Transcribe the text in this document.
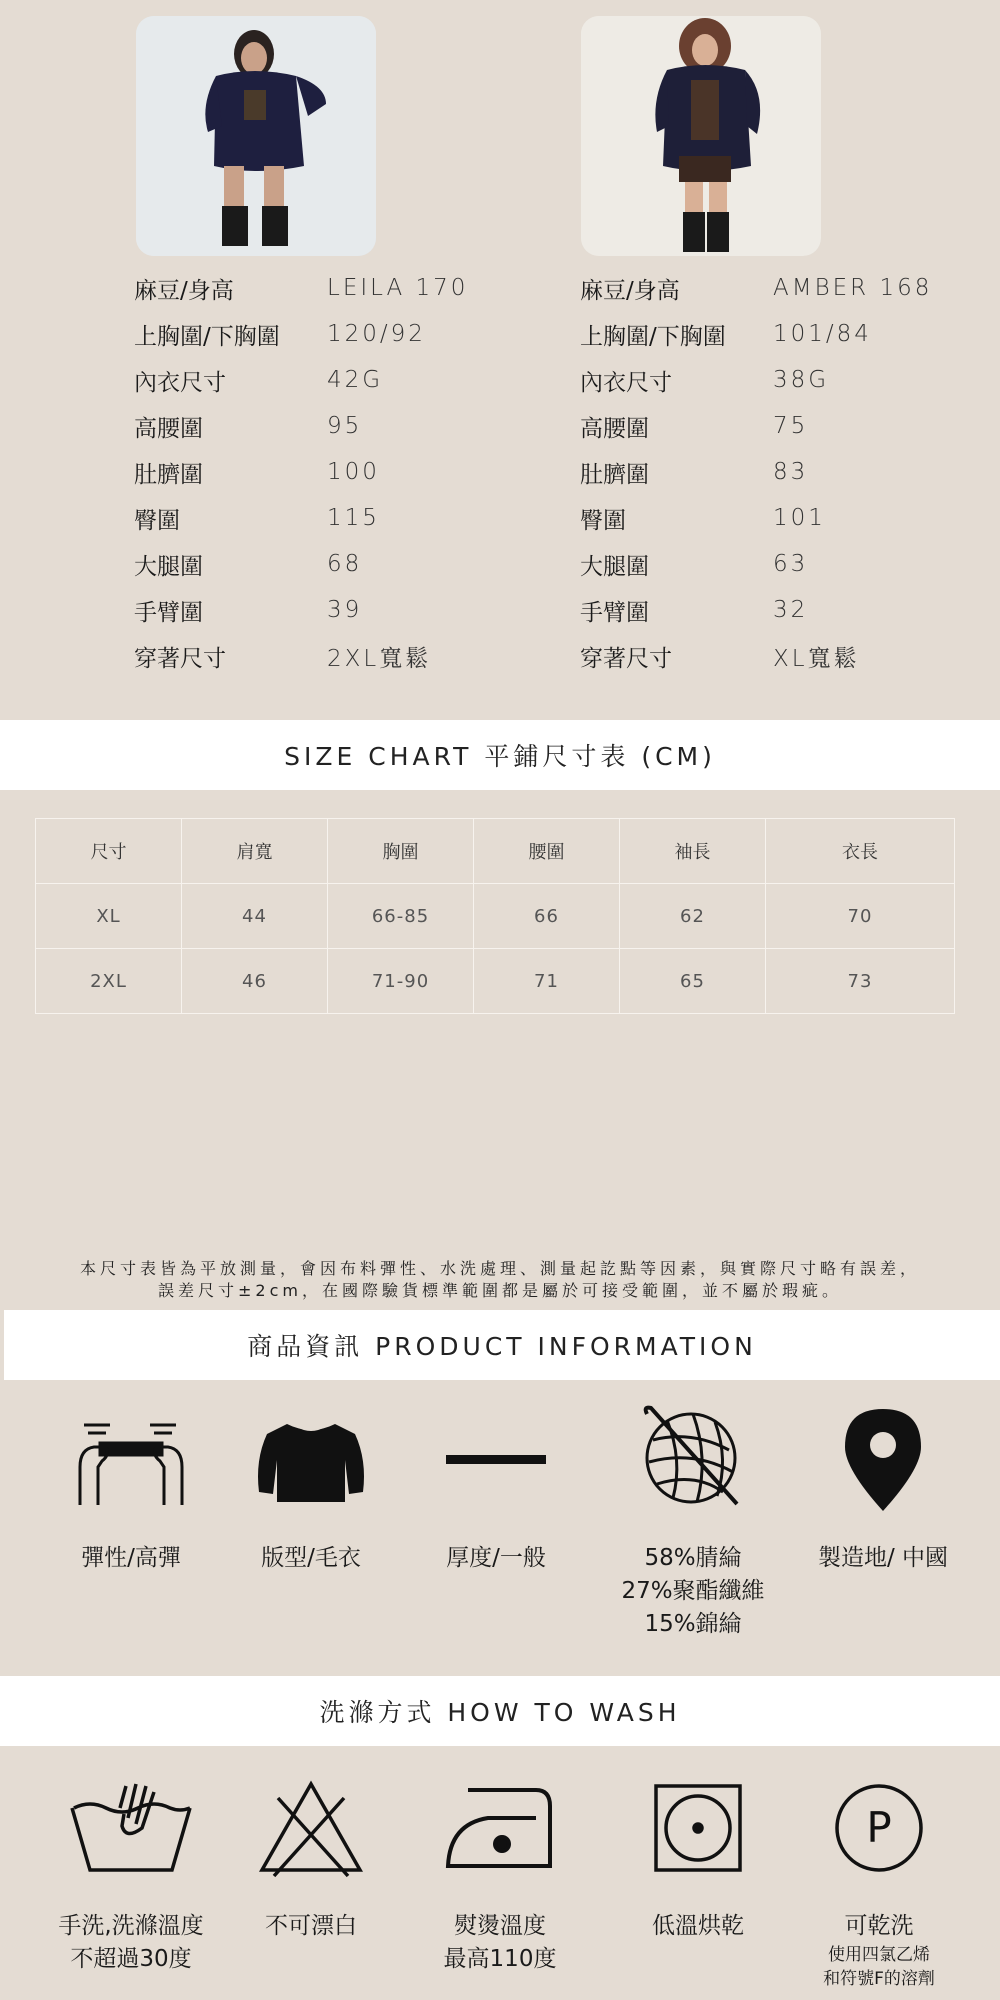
麻豆/身高	LEILA 170
上胸圍/下胸圍	120/92
內衣尺寸	42G
高腰圍	95
肚臍圍	100
臀圍	115
大腿圍	68
手臂圍	39
穿著尺寸	2XL寬鬆
麻豆/身高	AMBER 168
上胸圍/下胸圍	101/84
內衣尺寸	38G
高腰圍	75
肚臍圍	83
臀圍	101
大腿圍	63
手臂圍	32
穿著尺寸	XL寬鬆
SIZE CHART 平鋪尺寸表 (CM)
尺寸	肩寬	胸圍	腰圍	袖長	衣長
XL	44	66-85	66	62	70
2XL	46	71-90	71	65	73
本尺寸表皆為平放測量，會因布料彈性、水洗處理、測量起訖點等因素，與實際尺寸略有誤差，
誤差尺寸±2cm，在國際驗貨標準範圍都是屬於可接受範圍，並不屬於瑕疵。
商品資訊 PRODUCT INFORMATION
彈性/高彈	版型/毛衣	厚度/一般	58%腈綸
27%聚酯纖維
15%錦綸
製造地/ 中國
洗滌方式 HOW TO WASH
手洗,洗滌溫度
不超過30度
不可漂白	熨燙溫度
最高110度
低溫烘乾
P
可乾洗
使用四氯乙烯
和符號F的溶劑
